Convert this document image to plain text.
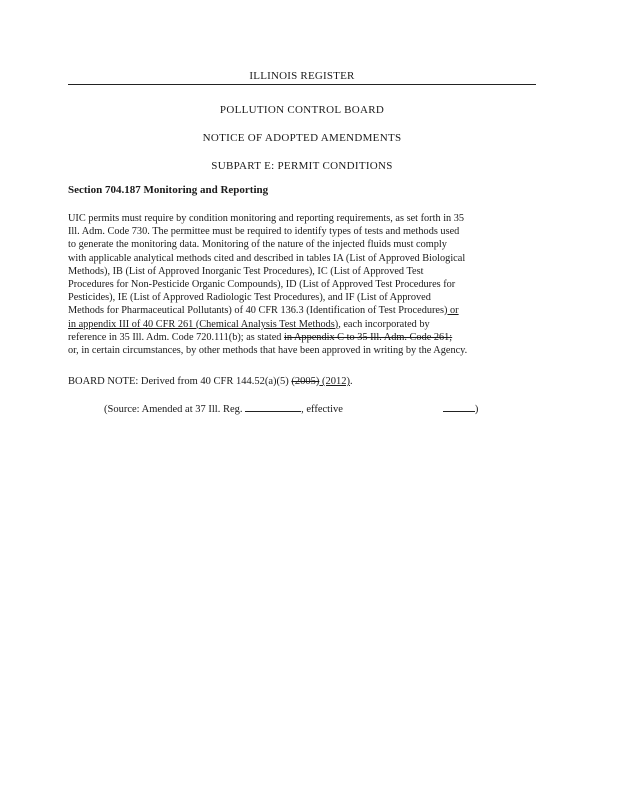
ILLINOIS REGISTER
POLLUTION CONTROL BOARD
NOTICE OF ADOPTED AMENDMENTS
SUBPART E: PERMIT CONDITIONS
Section 704.187 Monitoring and Reporting
UIC permits must require by condition monitoring and reporting requirements, as set forth in 35
Ill. Adm. Code 730. The permittee must be required to identify types of tests and methods used
to generate the monitoring data. Monitoring of the nature of the injected fluids must comply
with applicable analytical methods cited and described in tables IA (List of Approved Biological
Methods), IB (List of Approved Inorganic Test Procedures), IC (List of Approved Test
Procedures for Non-Pesticide Organic Compounds), ID (List of Approved Test Procedures for
Pesticides), IE (List of Approved Radiologic Test Procedures), and IF (List of Approved
Methods for Pharmaceutical Pollutants) of 40 CFR 136.3 (Identification of Test Procedures) or
in appendix III of 40 CFR 261 (Chemical Analysis Test Methods), each incorporated by
reference in 35 Ill. Adm. Code 720.111(b); as stated in Appendix C to 35 Ill. Adm. Code 261;
or, in certain circumstances, by other methods that have been approved in writing by the Agency.
BOARD NOTE: Derived from 40 CFR 144.52(a)(5) (2005) (2012).
(Source: Amended at 37 Ill. Reg.	, effective	)
